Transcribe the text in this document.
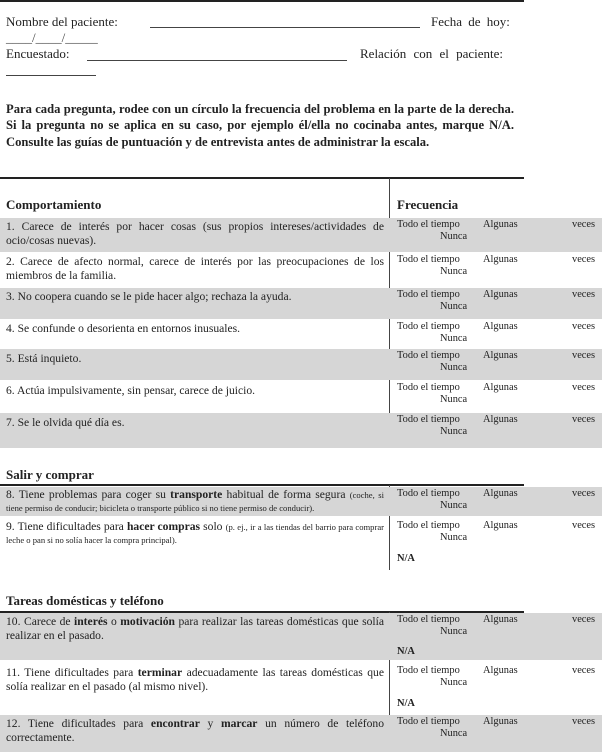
Nombre del paciente:	Fecha de hoy:
____/____/_____
Encuestado:	Relación con el paciente:
Para cada pregunta, rodee con un círculo la frecuencia del problema en la parte de la derecha. Si la pregunta no se aplica en su caso, por ejemplo él/ella no cocinaba antes, marque N/A. Consulte las guías de puntuación y de entrevista antes de administrar la escala.
Comportamiento	Frecuencia
1. Carece de interés por hacer cosas (sus propios intereses/actividades de ocio/cosas nuevas).
Todo el tiempo Algunas	veces
Nunca
2. Carece de afecto normal, carece de interés por las preocupaciones de los miembros de la familia.
Todo el tiempo Algunas	veces
Nunca
3. No coopera cuando se le pide hacer algo; rechaza la ayuda.	Todo el tiempo Algunas	veces
Nunca
4. Se confunde o desorienta en entornos inusuales.	Todo el tiempo Algunas	veces
Nunca
5. Está inquieto.	Todo el tiempo Algunas	veces
Nunca
6. Actúa impulsivamente, sin pensar, carece de juicio.	Todo el tiempo Algunas	veces
Nunca
7. Se le olvida qué día es.	Todo el tiempo Algunas	veces
Nunca
Salir y comprar
8. Tiene problemas para coger su transporte habitual de forma segura (coche, si tiene permiso de conducir; bicicleta o transporte público si no tiene permiso de conducir).
Todo el tiempo Algunas	veces
Nunca
9. Tiene dificultades para hacer compras solo (p. ej., ir a las tiendas del barrio para comprar leche o pan si no solía hacer la compra principal).
Todo el tiempo Algunas	veces
Nunca
N/A
Tareas domésticas y teléfono
10. Carece de interés o motivación para realizar las tareas domésticas que solía realizar en el pasado.
Todo el tiempo Algunas	veces
Nunca
N/A
11. Tiene dificultades para terminar adecuadamente las tareas domésticas que solía realizar en el pasado (al mismo nivel).
Todo el tiempo Algunas	veces
Nunca
N/A
12. Tiene dificultades para encontrar y marcar un número de teléfono correctamente.
Todo el tiempo Algunas	veces
Nunca
